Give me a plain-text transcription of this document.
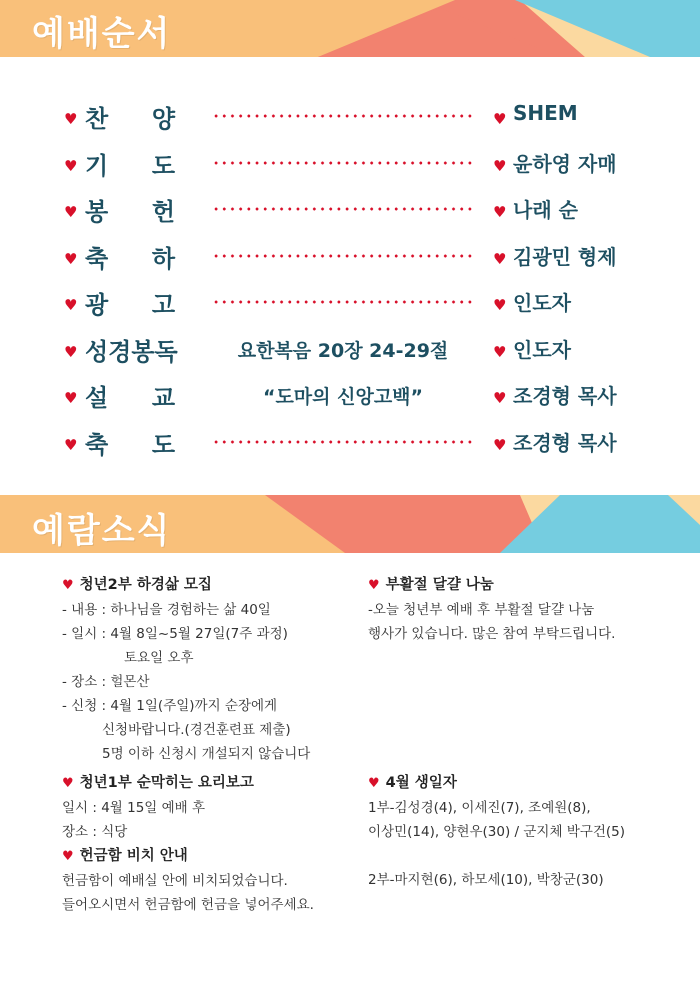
예배순서
♥ 찬 양	♥ SHEM
♥ 기 도	♥ 윤하영 자매
♥ 봉 헌	♥ 나래 순
♥ 축 하	♥ 김광민 형제
♥ 광 고	♥ 인도자
♥ 성경봉독	요한복음 20장 24-29절	♥ 인도자
♥ 설 교	“도마의 신앙고백”	♥ 조경형 목사
♥ 축 도	♥ 조경형 목사
예람소식
♥ 청년2부 하경삶 모집
- 내용 : 하나님을 경험하는 삶 40일
- 일시 : 4월 8일~5월 27일(7주 과정)
토요일 오후
- 장소 : 헐몬산
- 신청 : 4월 1일(주일)까지 순장에게
신청바랍니다.(경건훈련표 제출)
5명 이하 신청시 개설되지 않습니다
♥ 부활절 달걀 나눔
-오늘 청년부 예배 후 부활절 달걀 나눔
행사가 있습니다. 많은 참여 부탁드립니다.
♥ 청년1부 순막히는 요리보고
일시 : 4월 15일 예배 후
장소 : 식당
♥ 헌금함 비치 안내
헌금함이 예배실 안에 비치되었습니다.
들어오시면서 헌금함에 헌금을 넣어주세요.
♥ 4월 생일자
1부-김성경(4), 이세진(7), 조예원(8),
이상민(14), 양현우(30) / 군지체 박구건(5)
2부-마지현(6), 하모세(10), 박창군(30)
